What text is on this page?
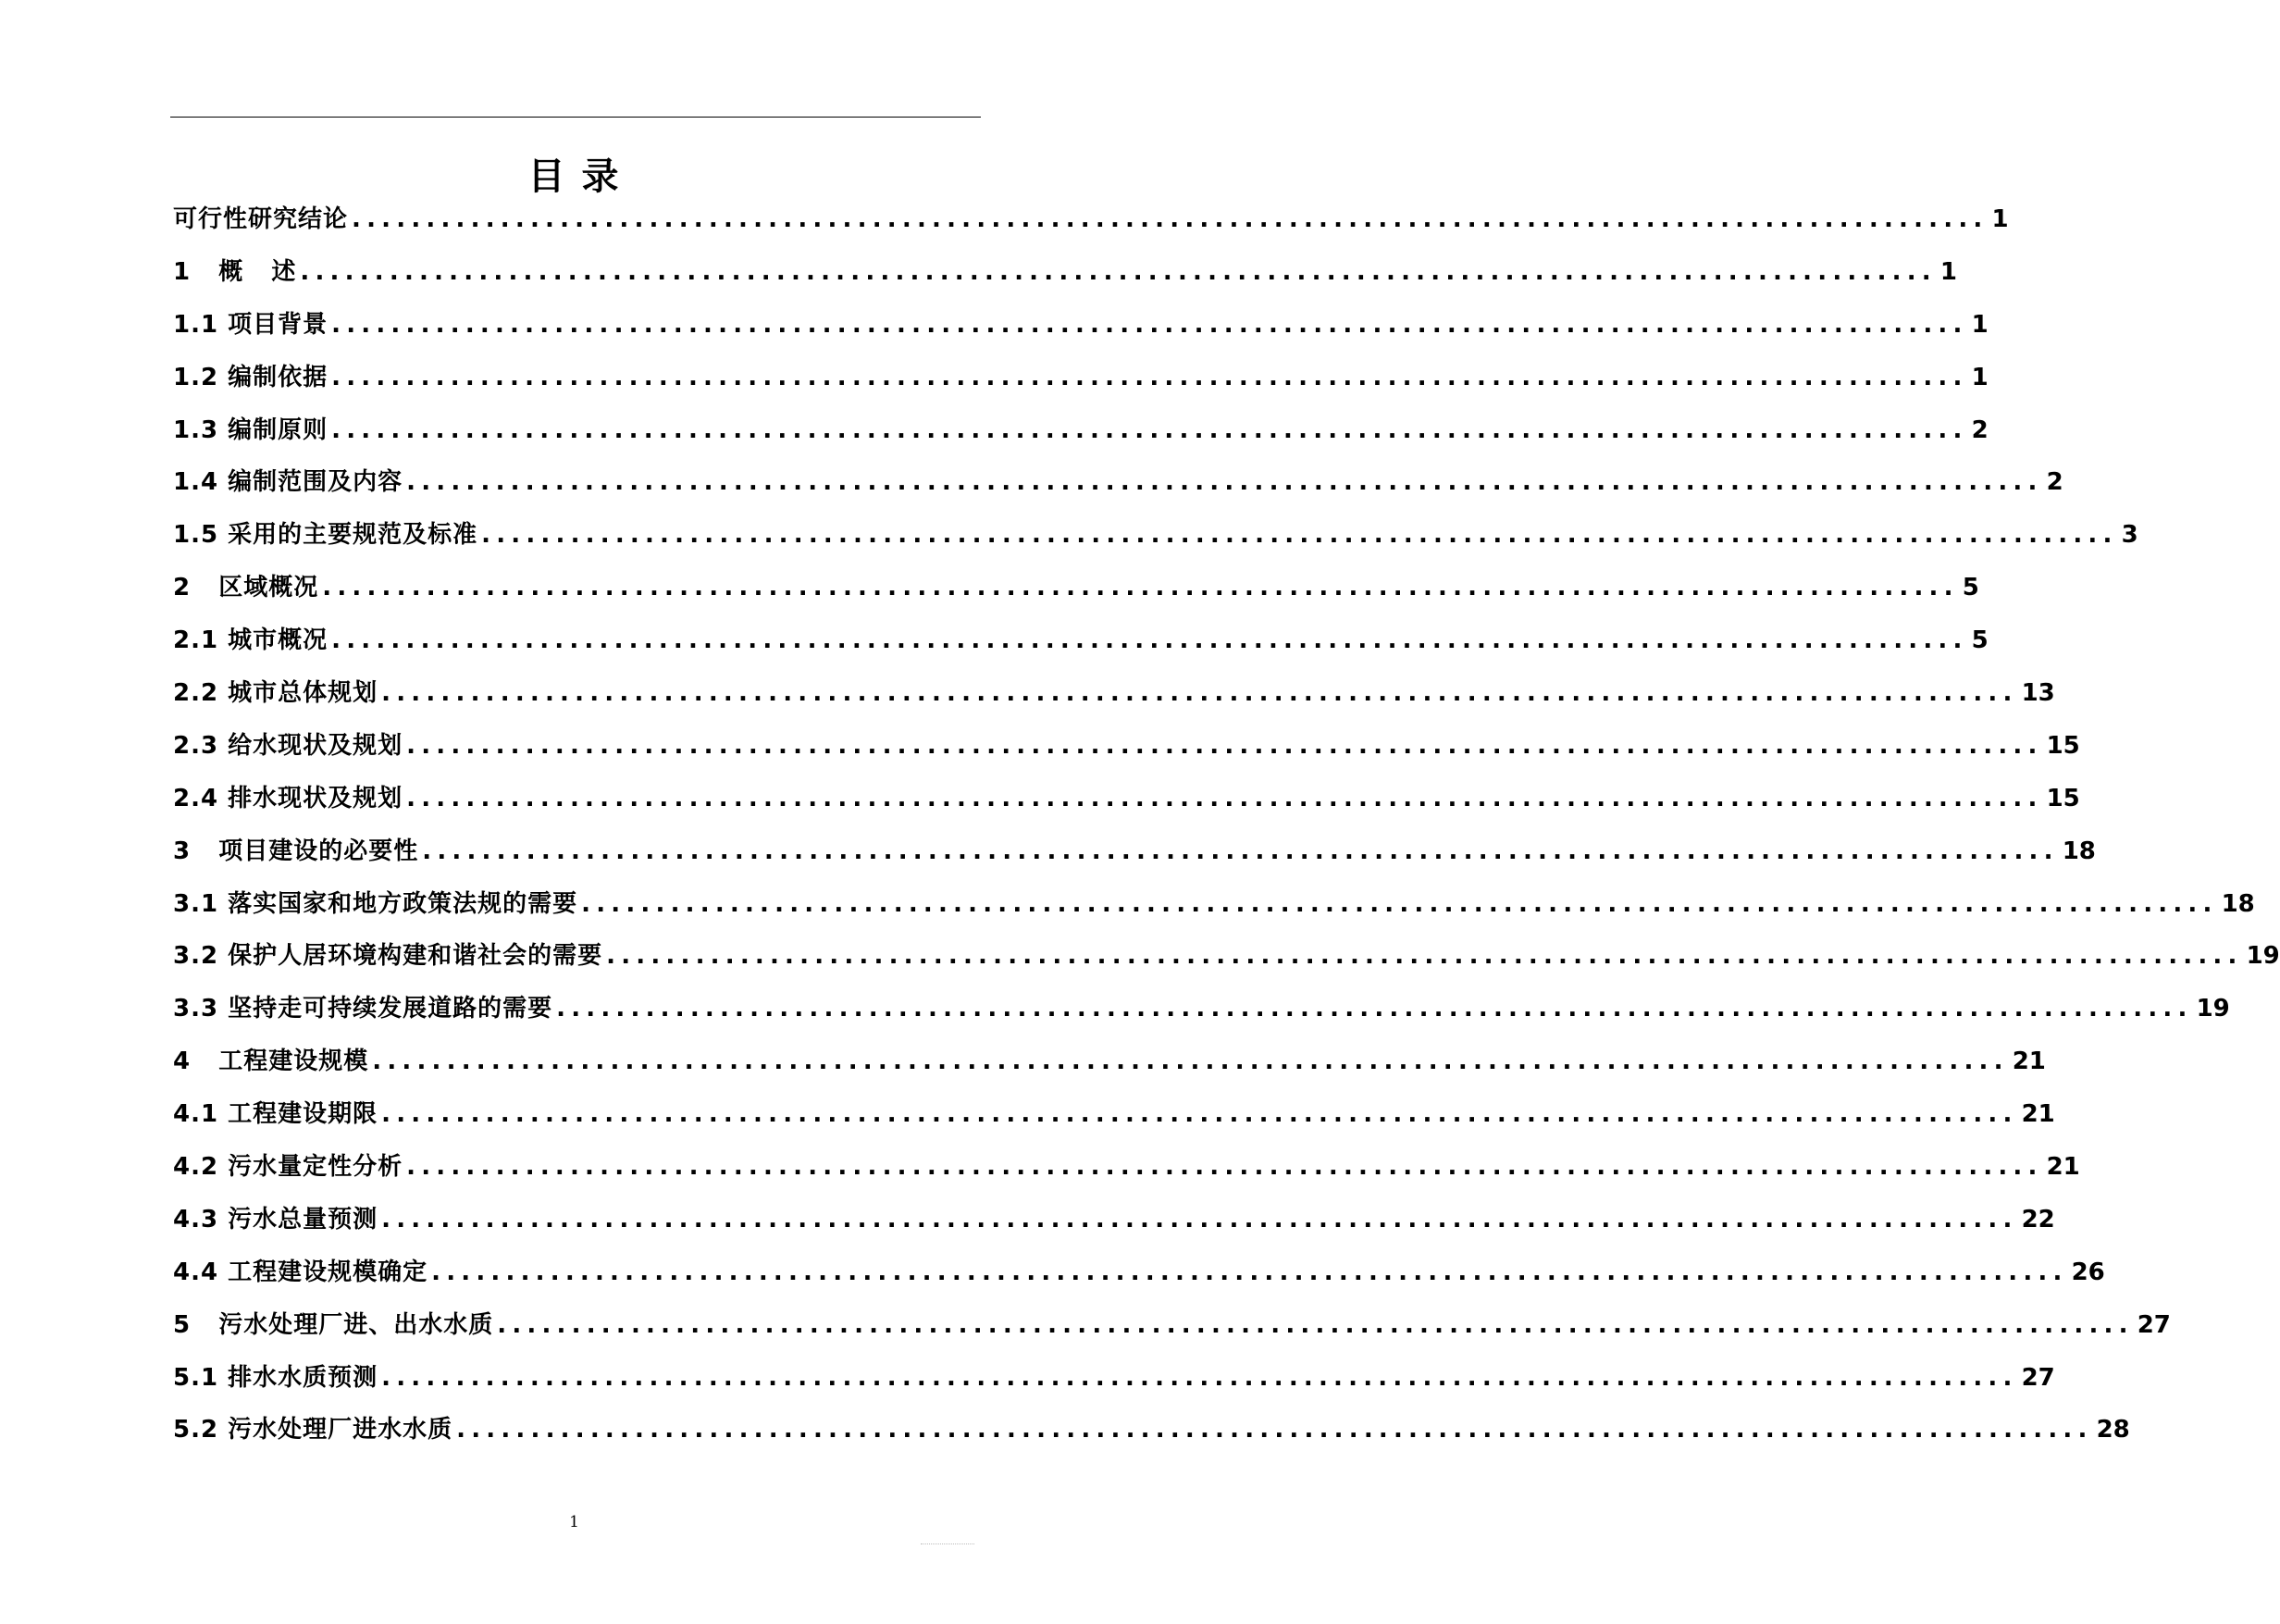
目 录
可行性研究结论 .............................................................................................................. 1
1   概   述 .............................................................................................................. 1
1.1 项目背景 .............................................................................................................. 1
1.2 编制依据 .............................................................................................................. 1
1.3 编制原则 .............................................................................................................. 2
1.4 编制范围及内容 .............................................................................................................. 2
1.5 采用的主要规范及标准 .............................................................................................................. 3
2   区域概况 .............................................................................................................. 5
2.1 城市概况 .............................................................................................................. 5
2.2 城市总体规划 .............................................................................................................. 13
2.3 给水现状及规划 .............................................................................................................. 15
2.4 排水现状及规划 .............................................................................................................. 15
3   项目建设的必要性 .............................................................................................................. 18
3.1 落实国家和地方政策法规的需要 .............................................................................................................. 18
3.2 保护人居环境构建和谐社会的需要 .............................................................................................................. 19
3.3 坚持走可持续发展道路的需要 .............................................................................................................. 19
4   工程建设规模 .............................................................................................................. 21
4.1 工程建设期限 .............................................................................................................. 21
4.2 污水量定性分析 .............................................................................................................. 21
4.3 污水总量预测 .............................................................................................................. 22
4.4 工程建设规模确定 .............................................................................................................. 26
5   污水处理厂进、出水水质 .............................................................................................................. 27
5.1 排水水质预测 .............................................................................................................. 27
5.2 污水处理厂进水水质 .............................................................................................................. 28
1
